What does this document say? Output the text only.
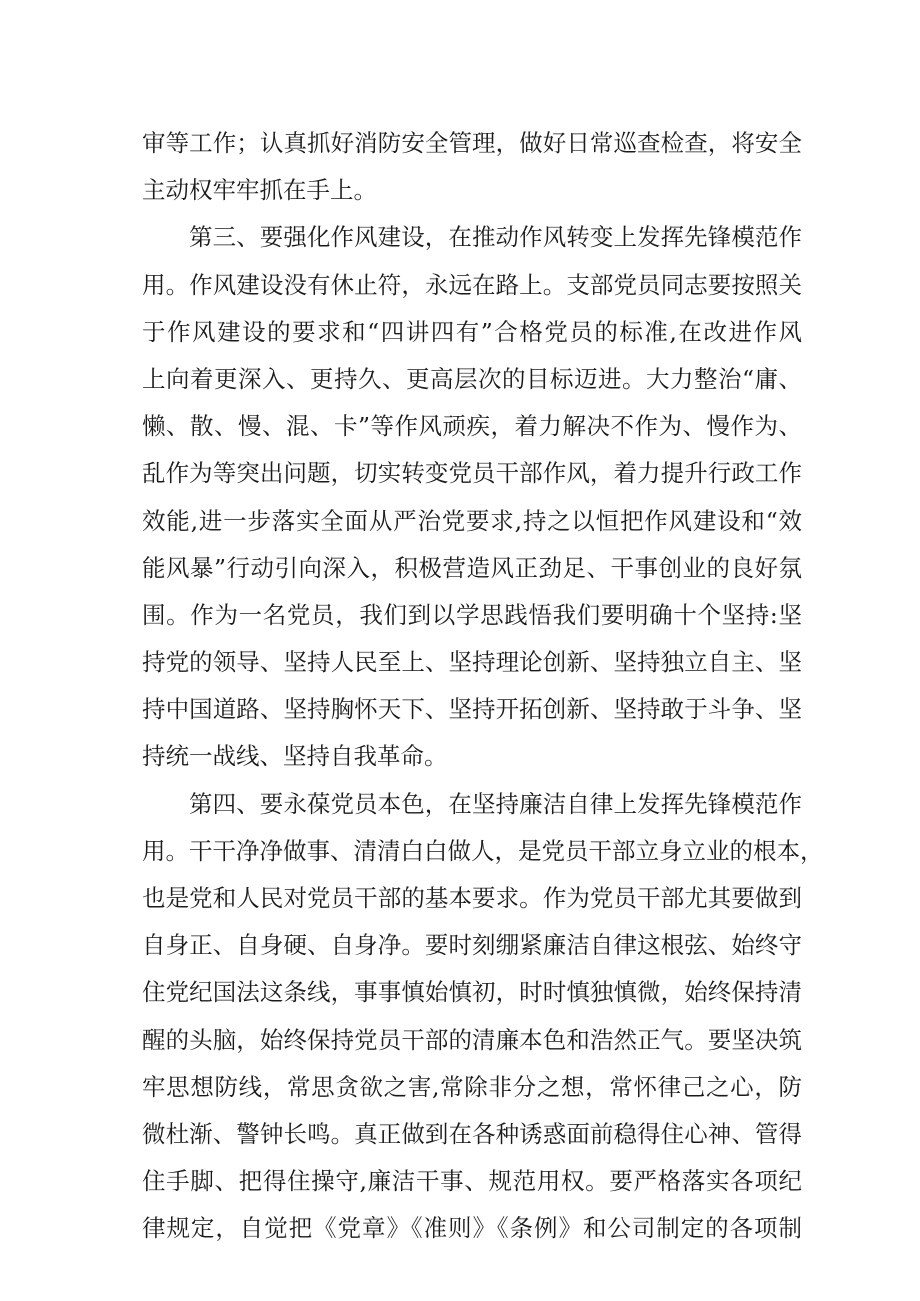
审等工作；认真抓好消防安全管理，做好日常巡查检查，将安全
主动权牢牢抓在手上。
第三、要强化作风建设，在推动作风转变上发挥先锋模范作
用。作风建设没有休止符，永远在路上。支部党员同志要按照关
于作风建设的要求和“四讲四有”合格党员的标准,在改进作风
上向着更深入、更持久、更高层次的目标迈进。大力整治“庸、
懒、散、慢、混、卡”等作风顽疾，着力解决不作为、慢作为、
乱作为等突出问题，切实转变党员干部作风，着力提升行政工作
效能,进一步落实全面从严治党要求,持之以恒把作风建设和“效
能风暴”行动引向深入，积极营造风正劲足、干事创业的良好氛
围。作为一名党员，我们到以学思践悟我们要明确十个坚持:坚
持党的领导、坚持人民至上、坚持理论创新、坚持独立自主、坚
持中国道路、坚持胸怀天下、坚持开拓创新、坚持敢于斗争、坚
持统一战线、坚持自我革命。
第四、要永葆党员本色，在坚持廉洁自律上发挥先锋模范作
用。干干净净做事、清清白白做人，是党员干部立身立业的根本，
也是党和人民对党员干部的基本要求。作为党员干部尤其要做到
自身正、自身硬、自身净。要时刻绷紧廉洁自律这根弦、始终守
住党纪国法这条线，事事慎始慎初，时时慎独慎微，始终保持清
醒的头脑，始终保持党员干部的清廉本色和浩然正气。要坚决筑
牢思想防线，常思贪欲之害,常除非分之想，常怀律己之心，防
微杜渐、警钟长鸣。真正做到在各种诱惑面前稳得住心神、管得
住手脚、把得住操守,廉洁干事、规范用权。要严格落实各项纪
律规定，自觉把《党章》《准则》《条例》和公司制定的各项制
